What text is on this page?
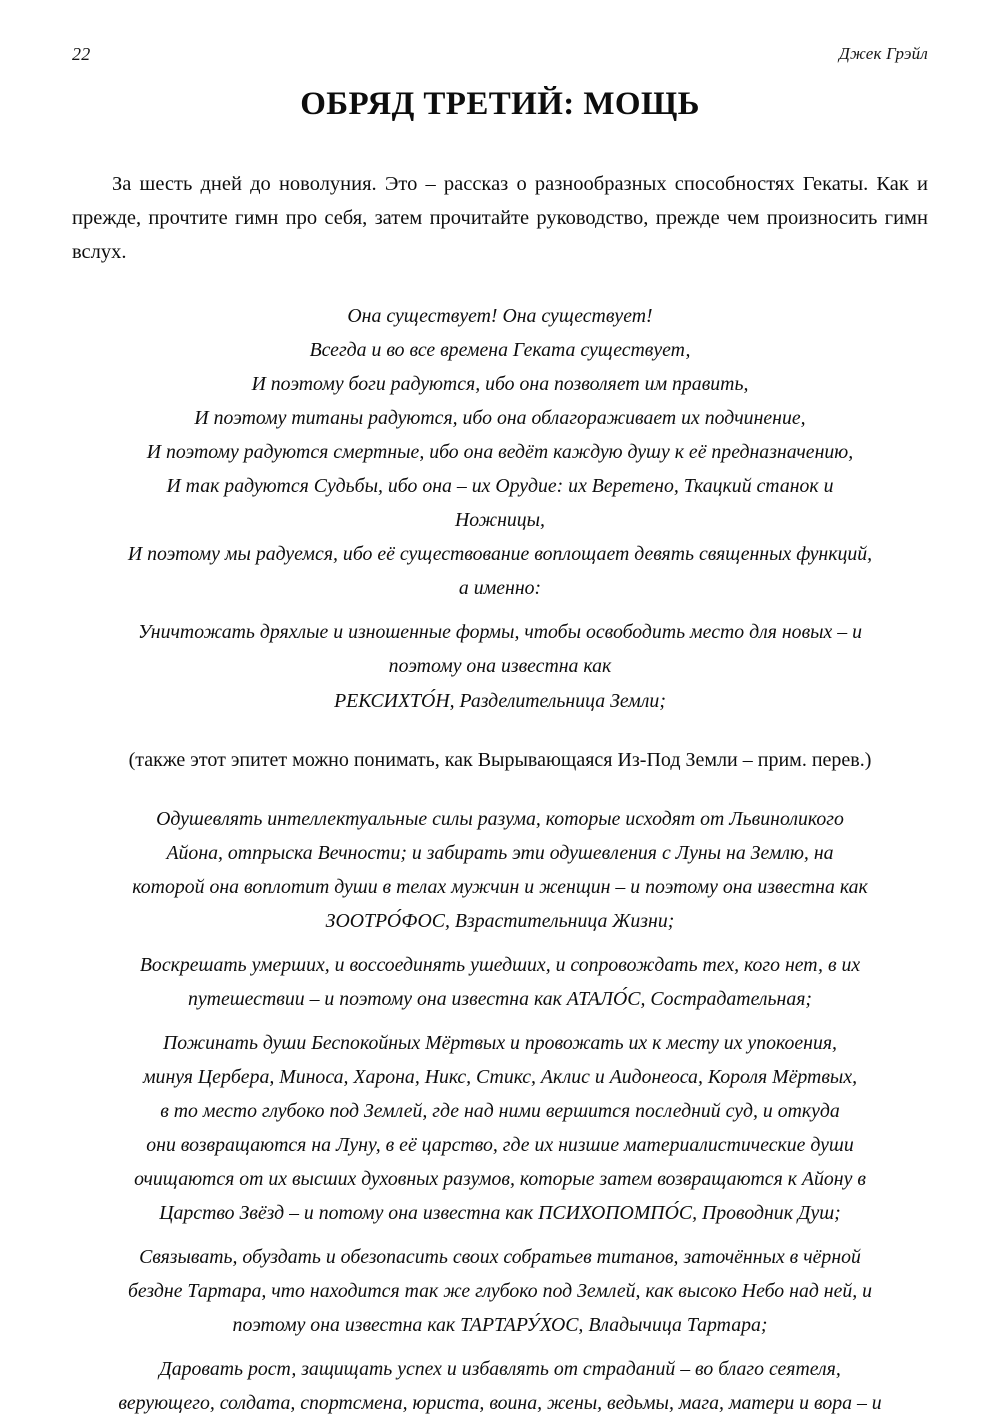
22	Джек Грэйл
ОБРЯД ТРЕТИЙ: МОЩЬ

За шесть дней до новолуния. Это – рассказ о разнообразных способностях Гекаты. Как и прежде, прочтите гимн про себя, затем прочитайте руководство, прежде чем произносить гимн вслух.

Она существует! Она существует!

Всегда и во все времена Геката существует,

И поэтому боги радуются, ибо она позволяет им править,

И поэтому титаны радуются, ибо она облагораживает их подчинение,

И поэтому радуются смертные, ибо она ведёт каждую душу к её предназначению,

И так радуются Судьбы, ибо она – их Орудие: их Веретено, Ткацкий станок и

Ножницы,

И поэтому мы радуемся, ибо её существование воплощает девять священных функций,

а именно:

Уничтожать дряхлые и изношенные формы, чтобы освободить место для новых – и

поэтому она известна как

РЕКСИХТО́Н, Разделительница Земли;

(также этот эпитет можно понимать, как Вырывающаяся Из-Под Земли – прим. перев.)

Одушевлять интеллектуальные силы разума, которые исходят от Львиноликого

Айона, отпрыска Вечности; и забирать эти одушевления с Луны на Землю, на

которой она воплотит души в телах мужчин и женщин – и поэтому она известна как

ЗООТРО́ФОС, Взрастительница Жизни;

Воскрешать умерших, и воссоединять ушедших, и сопровождать тех, кого нет, в их

путешествии – и поэтому она известна как АТАЛО́С, Сострадательная;

Пожинать души Беспокойных Мёртвых и провожать их к месту их упокоения,

минуя Цербера, Миноса, Харона, Никс, Стикс, Аклис и Аидонеоса, Короля Мёртвых,

в то место глубоко под Землей, где над ними вершится последний суд, и откуда

они возвращаются на Луну, в её царство, где их низшие материалистические души

очищаются от их высших духовных разумов, которые затем возвращаются к Айону в

Царство Звёзд – и потому она известна как ПСИХОПОМПО́С, Проводник Душ;

Связывать, обуздать и обезопасить своих собратьев титанов, заточённых в чёрной

бездне Тартара, что находится так же глубоко под Землей, как высоко Небо над ней, и

поэтому она известна как ТАРТАРУ́ХОС, Владычица Тартара;

Даровать рост, защищать успех и избавлять от страданий – во благо сеятеля,

верующего, солдата, спортсмена, юриста, воина, жены, ведьмы, мага, матери и вора – и
